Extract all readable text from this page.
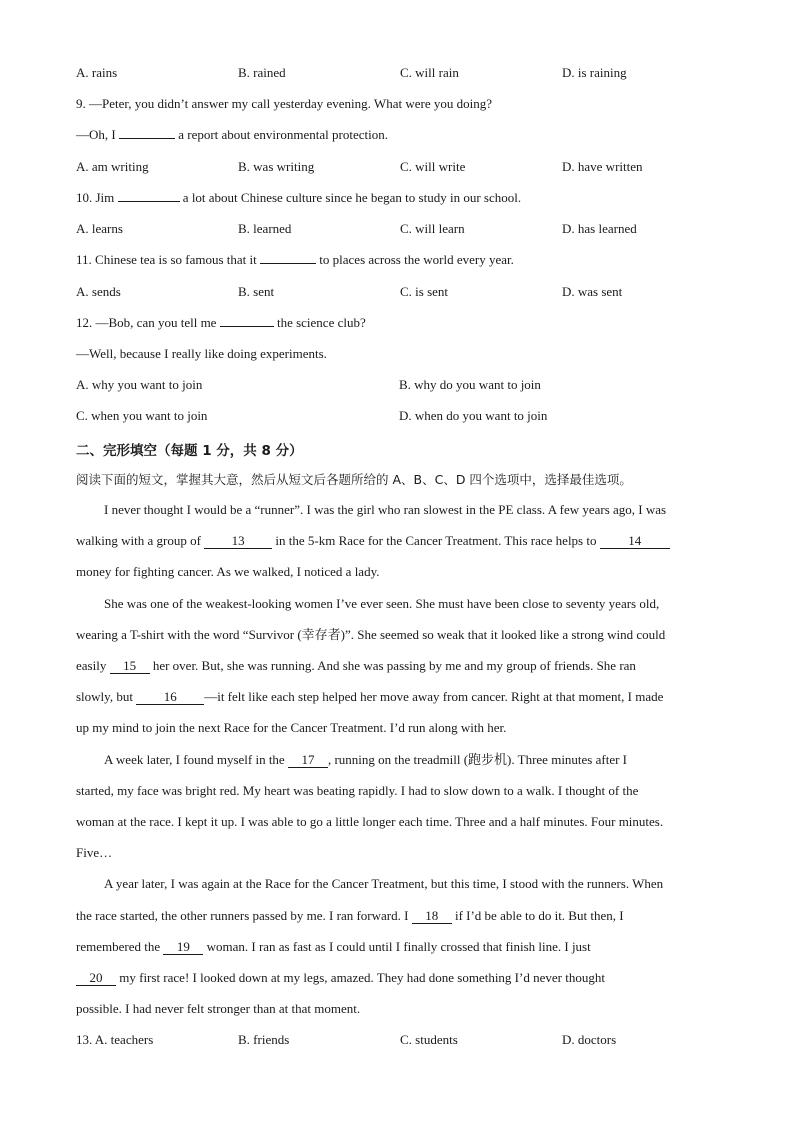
A. rains	B. rained	C. will rain	D. is raining
9. —Peter, you didn’t answer my call yesterday evening. What were you doing?
—Oh, I	a report about environmental protection.
A. am writing	B. was writing	C. will write	D. have written
10. Jim	a lot about Chinese culture since he began to study in our school.
A. learns	B. learned	C. will learn	D. has learned
11. Chinese tea is so famous that it	to places across the world every year.
A. sends	B. sent	C. is sent	D. was sent
12. —Bob, can you tell me	the science club?
—Well, because I really like doing experiments.
A. why you want to join	B. why do you want to join
C. when you want to join	D. when do you want to join
二、完形填空（每题 1 分，共 8 分）
阅读下面的短文，掌握其大意，然后从短文后各题所给的 A、B、C、D 四个选项中，选择最佳选项。
I never thought I would be a “runner”. I was the girl who ran slowest in the PE class. A few years ago, I was
walking with a group of 13 in the 5-km Race for the Cancer Treatment. This race helps to 14
money for fighting cancer. As we walked, I noticed a lady.
She was one of the weakest-looking women I’ve ever seen. She must have been close to seventy years old,
wearing a T-shirt with the word “Survivor (幸存者)”. She seemed so weak that it looked like a strong wind could
easily 15 her over. But, she was running. And she was passing by me and my group of friends. She ran
slowly, but 16 —it felt like each step helped her move away from cancer. Right at that moment, I made
up my mind to join the next Race for the Cancer Treatment. I’d run along with her.
A week later, I found myself in the 17 , running on the treadmill (跑步机). Three minutes after I
started, my face was bright red. My heart was beating rapidly. I had to slow down to a walk. I thought of the
woman at the race. I kept it up. I was able to go a little longer each time. Three and a half minutes. Four minutes.
Five…
A year later, I was again at the Race for the Cancer Treatment, but this time, I stood with the runners. When
the race started, the other runners passed by me. I ran forward. I 18 if I’d be able to do it. But then, I
remembered the 19 woman. I ran as fast as I could until I finally crossed that finish line. I just
20 my first race! I looked down at my legs, amazed. They had done something I’d never thought
possible. I had never felt stronger than at that moment.
13. A. teachers	B. friends	C. students	D. doctors
